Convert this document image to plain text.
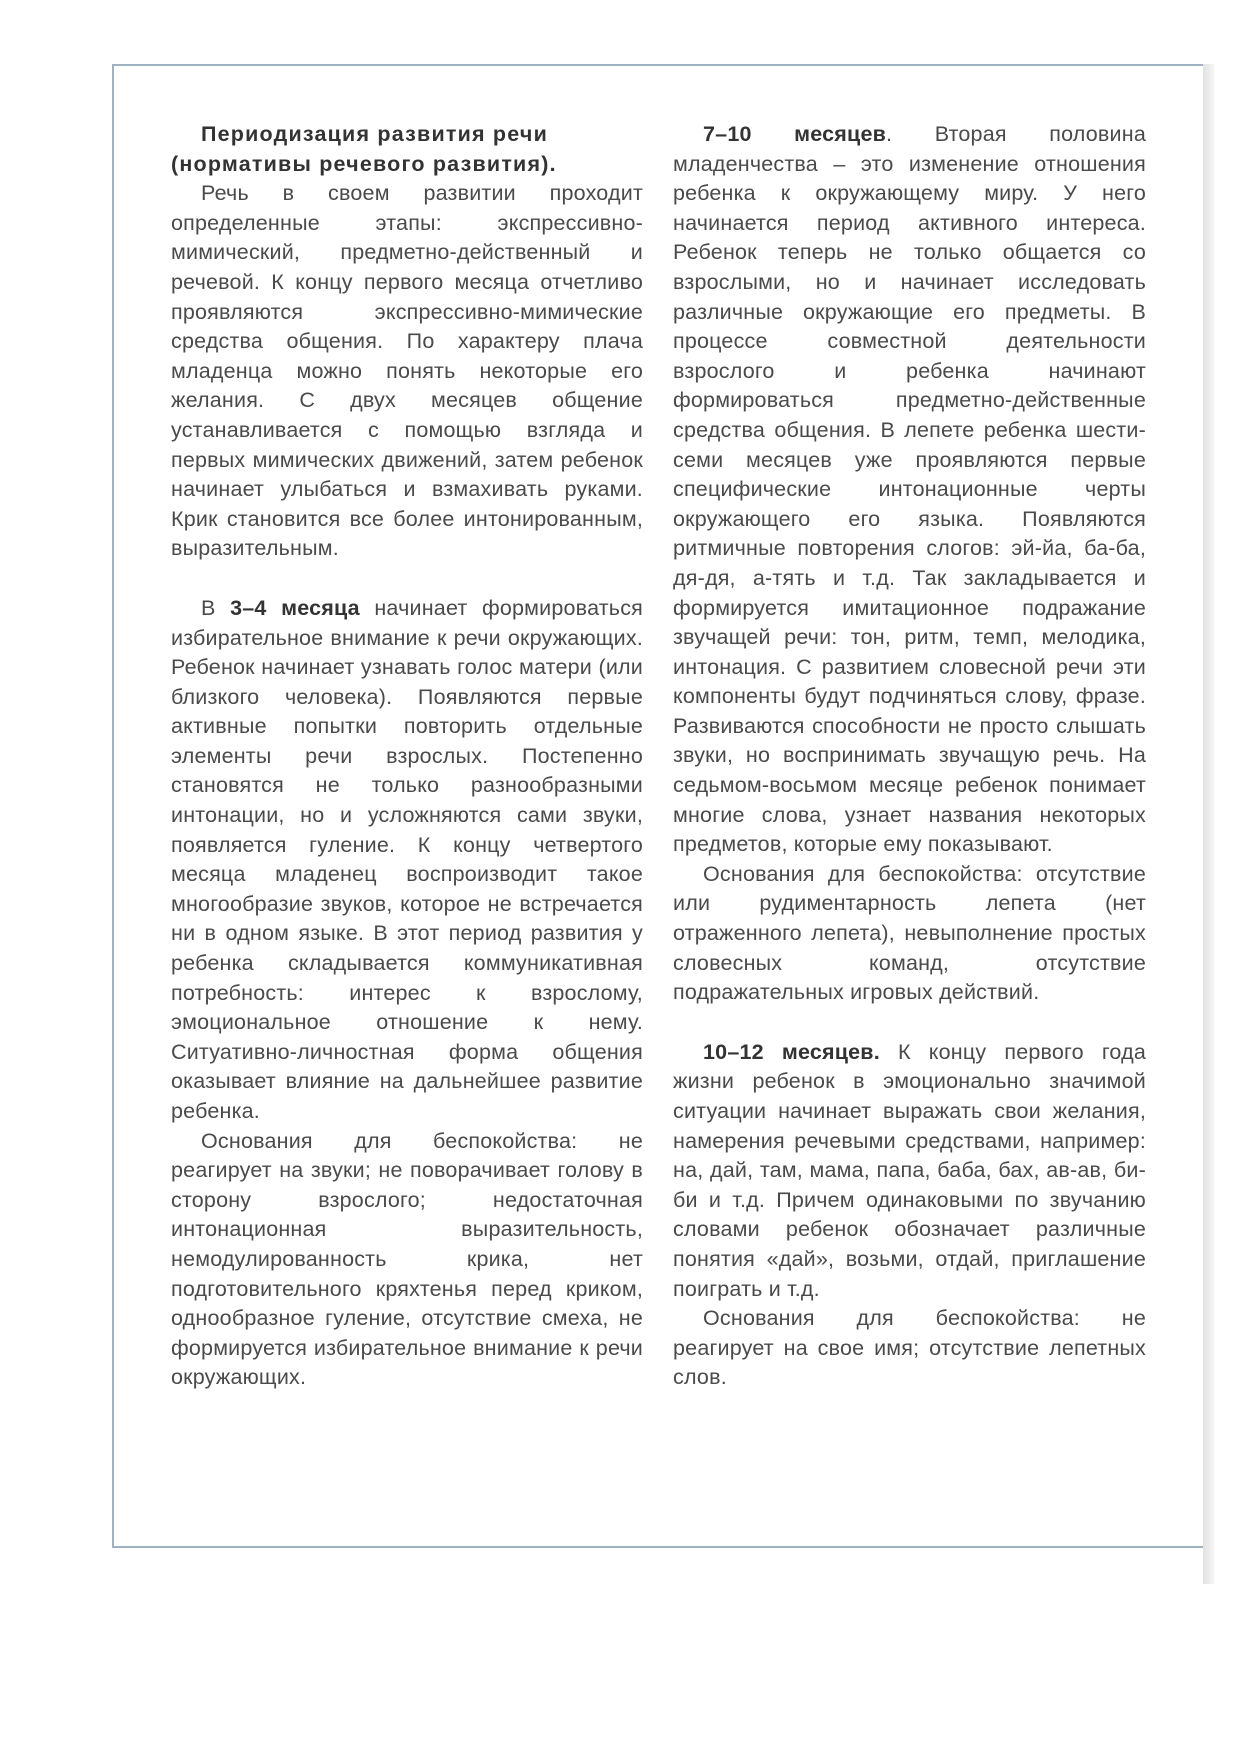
Периодизация развития речи
(нормативы речевого развития).

Речь в своем развитии проходит определенные этапы: экспрессивно-мимический, предметно-действенный и речевой. К концу первого месяца отчетливо проявляются экспрессивно-мимические средства общения. По характеру плача младенца можно понять некоторые его желания. С двух месяцев общение устанавливается с помощью взгляда и первых мимических движений, затем ребенок начинает улыбаться и взмахивать руками. Крик становится все более интонированным, выразительным.

В 3–4 месяца начинает формироваться избирательное внимание к речи окружающих. Ребенок начинает узнавать голос матери (или близкого человека). Появляются первые активные попытки повторить отдельные элементы речи взрослых. Постепенно становятся не только разнообразными интонации, но и усложняются сами звуки, появляется гуление. К концу четвертого месяца младенец воспроизводит такое многообразие звуков, которое не встречается ни в одном языке. В этот период развития у ребенка складывается коммуникативная потребность: интерес к взрослому, эмоциональное отношение к нему. Ситуативно-личностная форма общения оказывает влияние на дальнейшее развитие ребенка.

Основания для беспокойства: не реагирует на звуки; не поворачивает голову в сторону взрослого; недостаточная интонационная выразительность, немодулированность крика, нет подготовительного кряхтенья перед криком, однообразное гуление, отсутствие смеха, не формируется избирательное внимание к речи окружающих.

7–10 месяцев. Вторая половина младенчества – это изменение отношения ребенка к окружающему миру. У него начинается период активного интереса. Ребенок теперь не только общается со взрослыми, но и начинает исследовать различные окружающие его предметы. В процессе совместной деятельности взрослого и ребенка начинают формироваться предметно-действенные средства общения. В лепете ребенка шести-семи месяцев уже проявляются первые специфические интонационные черты окружающего его языка. Появляются ритмичные повторения слогов: эй-йа, ба-ба, дя-дя, а-тять и т.д. Так закладывается и формируется имитационное подражание звучащей речи: тон, ритм, темп, мелодика, интонация. С развитием словесной речи эти компоненты будут подчиняться слову, фразе. Развиваются способности не просто слышать звуки, но воспринимать звучащую речь. На седьмом-восьмом месяце ребенок понимает многие слова, узнает названия некоторых предметов, которые ему показывают.

Основания для беспокойства: отсутствие или рудиментарность лепета (нет отраженного лепета), невыполнение простых словесных команд, отсутствие подражательных игровых действий.

10–12 месяцев. К концу первого года жизни ребенок в эмоционально значимой ситуации начинает выражать свои желания, намерения речевыми средствами, например: на, дай, там, мама, папа, баба, бах, ав-ав, би-би и т.д. Причем одинаковыми по звучанию словами ребенок обозначает различные понятия «дай», возьми, отдай, приглашение поиграть и т.д.

Основания для беспокойства: не реагирует на свое имя; отсутствие лепетных слов.
